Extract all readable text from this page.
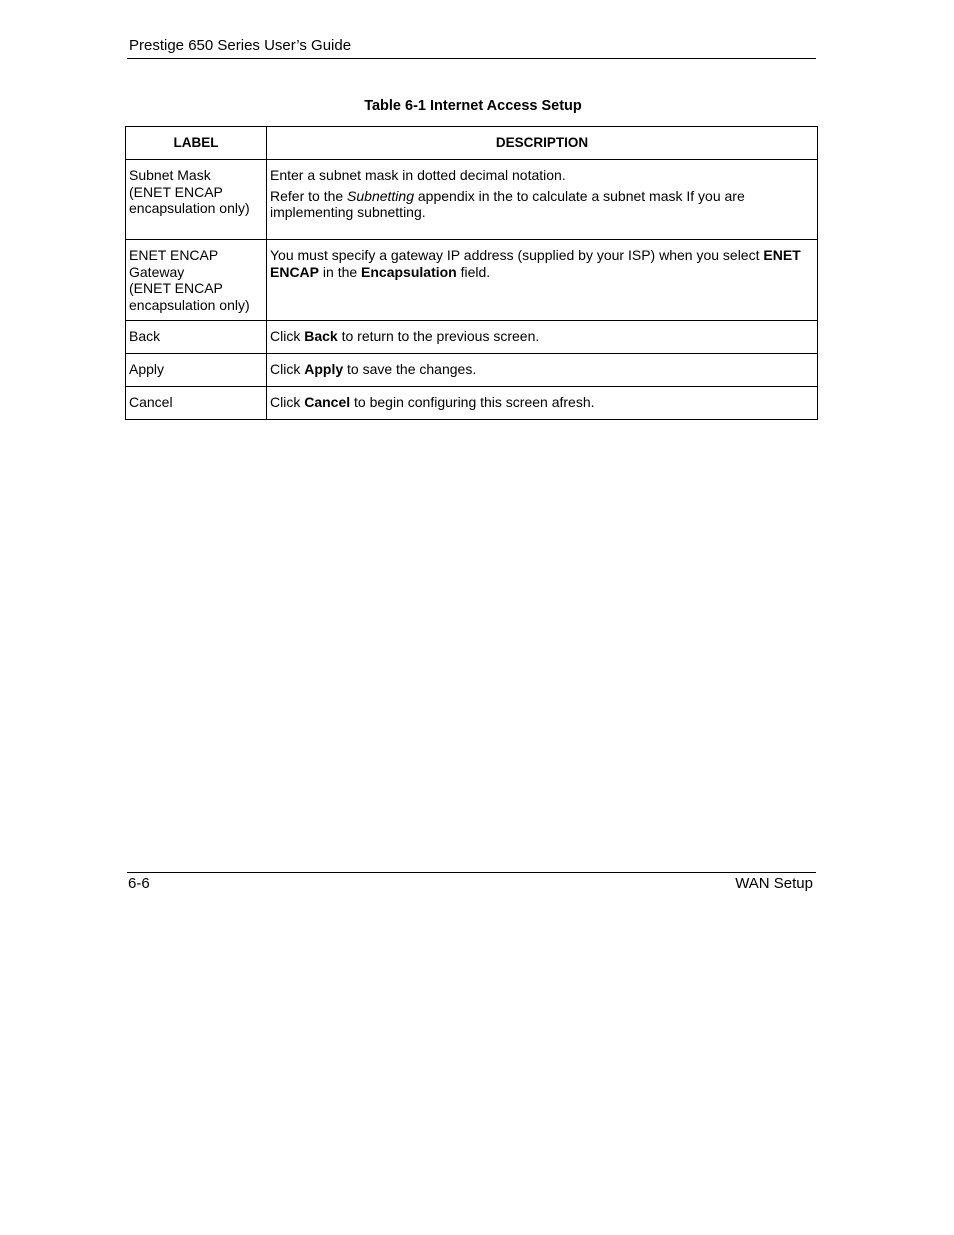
Prestige 650 Series User’s Guide
Table 6-1 Internet Access Setup
LABEL	DESCRIPTION

Subnet Mask
(ENET ENCAP
encapsulation only)	Enter a subnet mask in dotted decimal notation.
Refer to the Subnetting appendix in the to calculate a subnet mask If you are implementing subnetting.

ENET ENCAP
Gateway
(ENET ENCAP
encapsulation only)	You must specify a gateway IP address (supplied by your ISP) when you select ENET ENCAP in the Encapsulation field.

Back	Click Back to return to the previous screen.

Apply	Click Apply to save the changes.

Cancel	Click Cancel to begin configuring this screen afresh.
6-6	WAN Setup
